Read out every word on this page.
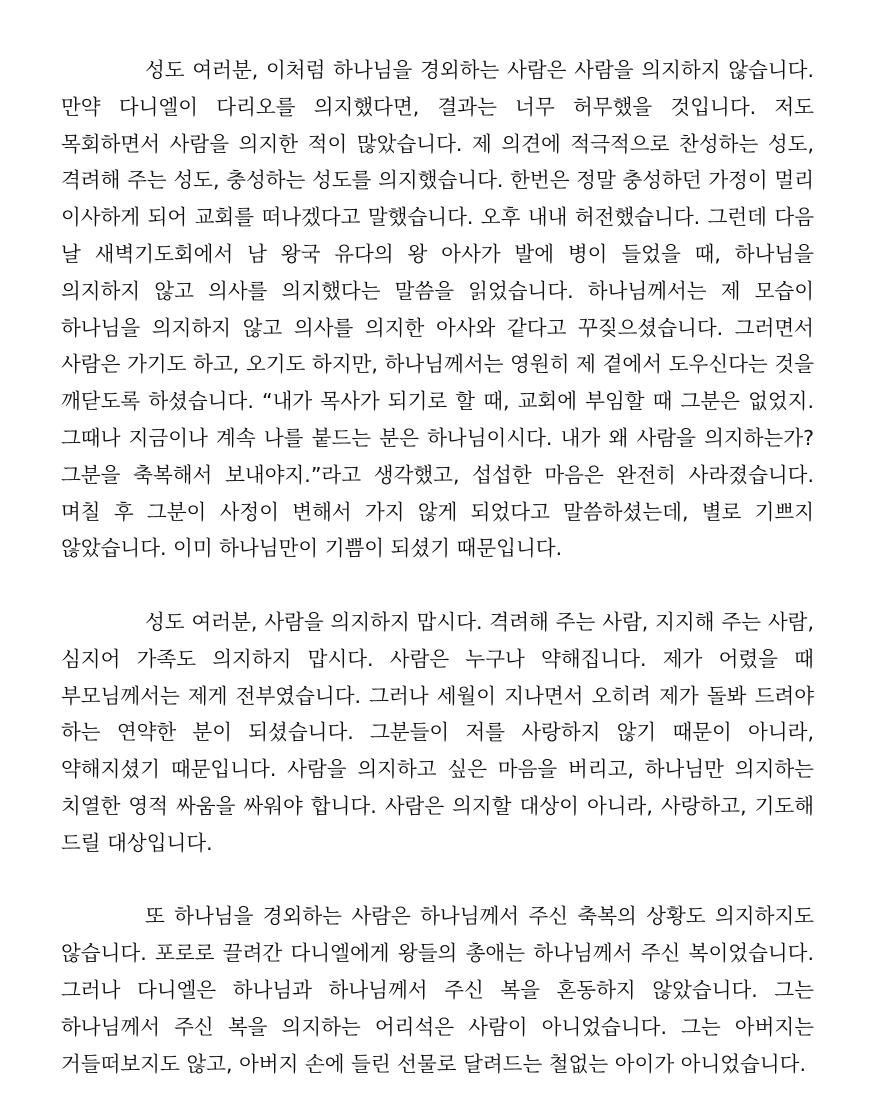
성도 여러분, 이처럼 하나님을 경외하는 사람은 사람을 의지하지 않습니다. 만약 다니엘이 다리오를 의지했다면, 결과는 너무 허무했을 것입니다. 저도 목회하면서 사람을 의지한 적이 많았습니다. 제 의견에 적극적으로 찬성하는 성도, 격려해 주는 성도, 충성하는 성도를 의지했습니다. 한번은 정말 충성하던 가정이 멀리 이사하게 되어 교회를 떠나겠다고 말했습니다. 오후 내내 허전했습니다. 그런데 다음 날 새벽기도회에서 남 왕국 유다의 왕 아사가 발에 병이 들었을 때, 하나님을 의지하지 않고 의사를 의지했다는 말씀을 읽었습니다. 하나님께서는 제 모습이 하나님을 의지하지 않고 의사를 의지한 아사와 같다고 꾸짖으셨습니다. 그러면서 사람은 가기도 하고, 오기도 하지만, 하나님께서는 영원히 제 곁에서 도우신다는 것을 깨닫도록 하셨습니다. “내가 목사가 되기로 할 때, 교회에 부임할 때 그분은 없었지. 그때나 지금이나 계속 나를 붙드는 분은 하나님이시다. 내가 왜 사람을 의지하는가? 그분을 축복해서 보내야지.”라고 생각했고, 섭섭한 마음은 완전히 사라졌습니다. 며칠 후 그분이 사정이 변해서 가지 않게 되었다고 말씀하셨는데, 별로 기쁘지 않았습니다. 이미 하나님만이 기쁨이 되셨기 때문입니다.

성도 여러분, 사람을 의지하지 맙시다. 격려해 주는 사람, 지지해 주는 사람, 심지어 가족도 의지하지 맙시다. 사람은 누구나 약해집니다. 제가 어렸을 때 부모님께서는 제게 전부였습니다. 그러나 세월이 지나면서 오히려 제가 돌봐 드려야 하는 연약한 분이 되셨습니다. 그분들이 저를 사랑하지 않기 때문이 아니라, 약해지셨기 때문입니다. 사람을 의지하고 싶은 마음을 버리고, 하나님만 의지하는 치열한 영적 싸움을 싸워야 합니다. 사람은 의지할 대상이 아니라, 사랑하고, 기도해 드릴 대상입니다.

또 하나님을 경외하는 사람은 하나님께서 주신 축복의 상황도 의지하지도 않습니다. 포로로 끌려간 다니엘에게 왕들의 총애는 하나님께서 주신 복이었습니다. 그러나 다니엘은 하나님과 하나님께서 주신 복을 혼동하지 않았습니다. 그는 하나님께서 주신 복을 의지하는 어리석은 사람이 아니었습니다. 그는 아버지는 거들떠보지도 않고, 아버지 손에 들린 선물로 달려드는 철없는 아이가 아니었습니다.
